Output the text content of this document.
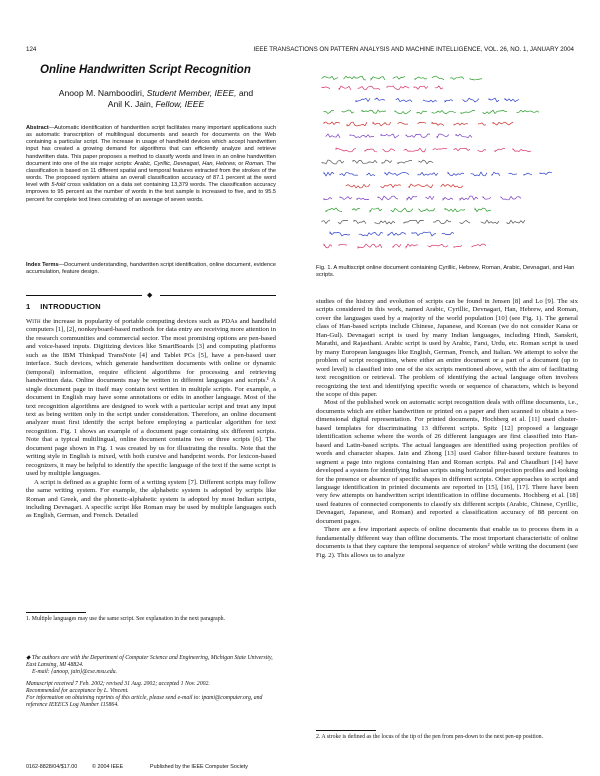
124	IEEE TRANSACTIONS ON PATTERN ANALYSIS AND MACHINE INTELLIGENCE, VOL. 26, NO. 1, JANUARY 2004
Online Handwritten Script Recognition
Anoop M. Namboodiri, Student Member, IEEE, and
Anil K. Jain, Fellow, IEEE
Abstract—Automatic identification of handwritten script facilitates many important applications such as automatic transcription of multilingual documents and search for documents on the Web containing a particular script. The increase in usage of handheld devices which accept handwritten input has created a growing demand for algorithms that can efficiently analyze and retrieve handwritten data. This paper proposes a method to classify words and lines in an online handwritten document into one of the six major scripts: Arabic, Cyrillic, Devnagari, Han, Hebrew, or Roman. The classification is based on 11 different spatial and temporal features extracted from the strokes of the words. The proposed system attains an overall classification accuracy of 87.1 percent at the word level with 5-fold cross validation on a data set containing 13,379 words. The classification accuracy improves to 95 percent as the number of words in the test sample is increased to five, and to 95.5 percent for complete text lines consisting of an average of seven words.
Index Terms—Document understanding, handwritten script identification, online document, evidence accumulation, feature design.
◆
1 INTRODUCTION

With the increase in popularity of portable computing devices such as PDAs and handheld computers [1], [2], nonkeyboard-based methods for data entry are receiving more attention in the research communities and commercial sector. The most promising options are pen-based and voice-based inputs. Digitizing devices like SmartBoards [3] and computing platforms such as the IBM Thinkpad TransNote [4] and Tablet PCs [5], have a pen-based user interface. Such devices, which generate handwritten documents with online or dynamic (temporal) information, require efficient algorithms for processing and retrieving handwritten data. Online documents may be written in different languages and scripts.¹ A single document page in itself may contain text written in multiple scripts. For example, a document in English may have some annotations or edits in another language. Most of the text recognition algorithms are designed to work with a particular script and treat any input text as being written only in the script under consideration. Therefore, an online document analyzer must first identify the script before employing a particular algorithm for text recognition. Fig. 1 shows an example of a document page containing six different scripts. Note that a typical multilingual, online document contains two or three scripts [6]. The document page shown in Fig. 1 was created by us for illustrating the results. Note that the writing style in English is mixed, with both cursive and handprint words. For lexicon-based recognizers, it may be helpful to identify the specific language of the text if the same script is used by multiple languages.

A script is defined as a graphic form of a writing system [7]. Different scripts may follow the same writing system. For example, the alphabetic system is adopted by scripts like Roman and Greek, and the phonetic-alphabetic system is adopted by most Indian scripts, including Devnagari. A specific script like Roman may be used by multiple languages such as English, German, and French. Detailed

1. Multiple languages may use the same script. See explanation in the next paragraph.
◆ The authors are with the Department of Computer Science and Engineering, Michigan State University, East Lansing, MI 48824.
E-mail: {anoop, jain}@cse.msu.edu.
Manuscript received 7 Feb. 2002; revised 31 Aug. 2002; accepted 1 Nov. 2002.
Recommended for acceptance by L. Vincent.
For information on obtaining reprints of this article, please send e-mail to: tpami@computer.org, and reference IEEECS Log Number 115864.
Fig. 1. A multiscript online document containing Cyrillic, Hebrew, Roman, Arabic, Devnagari, and Han scripts.

studies of the history and evolution of scripts can be found in Jensen [8] and Lo [9]. The six scripts considered in this work, named Arabic, Cyrillic, Devnagari, Han, Hebrew, and Roman, cover the languages used by a majority of the world population [10] (see Fig. 1). The general class of Han-based scripts include Chinese, Japanese, and Korean (we do not consider Kana or Han-Gul). Devnagari script is used by many Indian languages, including Hindi, Sanskrit, Marathi, and Rajasthani. Arabic script is used by Arabic, Farsi, Urdu, etc. Roman script is used by many European languages like English, German, French, and Italian. We attempt to solve the problem of script recognition, where either an entire document or a part of a document (up to word level) is classified into one of the six scripts mentioned above, with the aim of facilitating text recognition or retrieval. The problem of identifying the actual language often involves recognizing the text and identifying specific words or sequence of characters, which is beyond the scope of this paper.

Most of the published work on automatic script recognition deals with offline documents, i.e., documents which are either handwritten or printed on a paper and then scanned to obtain a two-dimensional digital representation. For printed documents, Hochberg et al. [11] used cluster-based templates for discriminating 13 different scripts. Spitz [12] proposed a language identification scheme where the words of 26 different languages are first classified into Han-based and Latin-based scripts. The actual languages are identified using projection profiles of words and character shapes. Jain and Zhong [13] used Gabor filter-based texture features to segment a page into regions containing Han and Roman scripts. Pal and Chaudhuri [14] have developed a system for identifying Indian scripts using horizontal projection profiles and looking for the presence or absence of specific shapes in different scripts. Other approaches to script and language identification in printed documents are reported in [15], [16], [17]. There have been very few attempts on handwritten script identification in offline documents. Hochberg et al. [18] used features of connected components to classify six different scripts (Arabic, Chinese, Cyrillic, Devnagari, Japanese, and Roman) and reported a classification accuracy of 88 percent on document pages.

There are a few important aspects of online documents that enable us to process them in a fundamentally different way than offline documents. The most important characteristic of online documents is that they capture the temporal sequence of strokes² while writing the document (see Fig. 2). This allows us to analyze

2. A stroke is defined as the locus of the tip of the pen from pen-down to the next pen-up position.
0162-8828/04/$17.00	© 2004 IEEE	Published by the IEEE Computer Society
